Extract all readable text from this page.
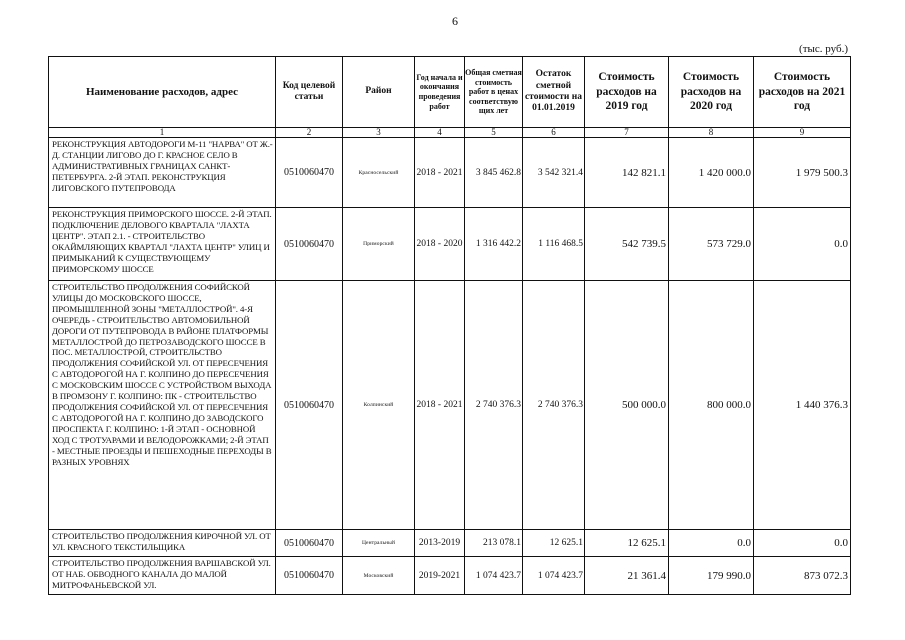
6
(тыс. руб.)
Наименование расходов, адрес	Код целевой статьи	Район	Год начала и окончания проведения работ	Общая сметная стоимость работ в ценах соответствую щих лет	Остаток сметной стоимости на 01.01.2019	Стоимость расходов на 2019 год	Стоимость расходов на 2020 год	Стоимость расходов на 2021 год
1	2	3	4	5	6	7	8	9
РЕКОНСТРУКЦИЯ АВТОДОРОГИ М-11 "НАРВА" ОТ Ж.-Д. СТАНЦИИ ЛИГОВО ДО Г. КРАСНОЕ СЕЛО В АДМИНИСТРАТИВНЫХ ГРАНИЦАХ САНКТ-ПЕТЕРБУРГА. 2-Й ЭТАП. РЕКОНСТРУКЦИЯ ЛИГОВСКОГО ПУТЕПРОВОДА	0510060470	Красносельский	2018 - 2021	3 845 462.8	3 542 321.4	142 821.1	1 420 000.0	1 979 500.3
РЕКОНСТРУКЦИЯ ПРИМОРСКОГО ШОССЕ. 2-Й ЭТАП. ПОДКЛЮЧЕНИЕ ДЕЛОВОГО КВАРТАЛА "ЛАХТА ЦЕНТР". ЭТАП 2.1. - СТРОИТЕЛЬСТВО ОКАЙМЛЯЮЩИХ КВАРТАЛ "ЛАХТА ЦЕНТР" УЛИЦ И ПРИМЫКАНИЙ К СУЩЕСТВУЮЩЕМУ ПРИМОРСКОМУ ШОССЕ	0510060470	Приморский	2018 - 2020	1 316 442.2	1 116 468.5	542 739.5	573 729.0	0.0
СТРОИТЕЛЬСТВО ПРОДОЛЖЕНИЯ СОФИЙСКОЙ УЛИЦЫ ДО МОСКОВСКОГО ШОССЕ, ПРОМЫШЛЕННОЙ ЗОНЫ "МЕТАЛЛОСТРОЙ". 4-Я ОЧЕРЕДЬ - СТРОИТЕЛЬСТВО АВТОМОБИЛЬНОЙ ДОРОГИ ОТ ПУТЕПРОВОДА В РАЙОНЕ ПЛАТФОРМЫ МЕТАЛЛОСТРОЙ ДО ПЕТРОЗАВОДСКОГО ШОССЕ В ПОС. МЕТАЛЛОСТРОЙ, СТРОИТЕЛЬСТВО ПРОДОЛЖЕНИЯ СОФИЙСКОЙ УЛ. ОТ ПЕРЕСЕЧЕНИЯ С АВТОДОРОГОЙ НА Г. КОЛПИНО ДО ПЕРЕСЕЧЕНИЯ С МОСКОВСКИМ ШОССЕ С УСТРОЙСТВОМ ВЫХОДА В ПРОМЗОНУ Г. КОЛПИНО: ПК - СТРОИТЕЛЬСТВО ПРОДОЛЖЕНИЯ СОФИЙСКОЙ УЛ. ОТ ПЕРЕСЕЧЕНИЯ С АВТОДОРОГОЙ НА Г. КОЛПИНО ДО ЗАВОДСКОГО ПРОСПЕКТА Г. КОЛПИНО: 1-Й ЭТАП - ОСНОВНОЙ ХОД С ТРОТУАРАМИ И ВЕЛОДОРОЖКАМИ; 2-Й ЭТАП - МЕСТНЫЕ ПРОЕЗДЫ И ПЕШЕХОДНЫЕ ПЕРЕХОДЫ В РАЗНЫХ УРОВНЯХ	0510060470	Колпинский	2018 - 2021	2 740 376.3	2 740 376.3	500 000.0	800 000.0	1 440 376.3
СТРОИТЕЛЬСТВО ПРОДОЛЖЕНИЯ КИРОЧНОЙ УЛ. ОТ УЛ. КРАСНОГО ТЕКСТИЛЬЩИКА	0510060470	Центральный	2013-2019	213 078.1	12 625.1	12 625.1	0.0	0.0
СТРОИТЕЛЬСТВО ПРОДОЛЖЕНИЯ ВАРШАВСКОЙ УЛ. ОТ НАБ. ОБВОДНОГО КАНАЛА ДО МАЛОЙ МИТРОФАНЬЕВСКОЙ УЛ.	0510060470	Московский	2019-2021	1 074 423.7	1 074 423.7	21 361.4	179 990.0	873 072.3
